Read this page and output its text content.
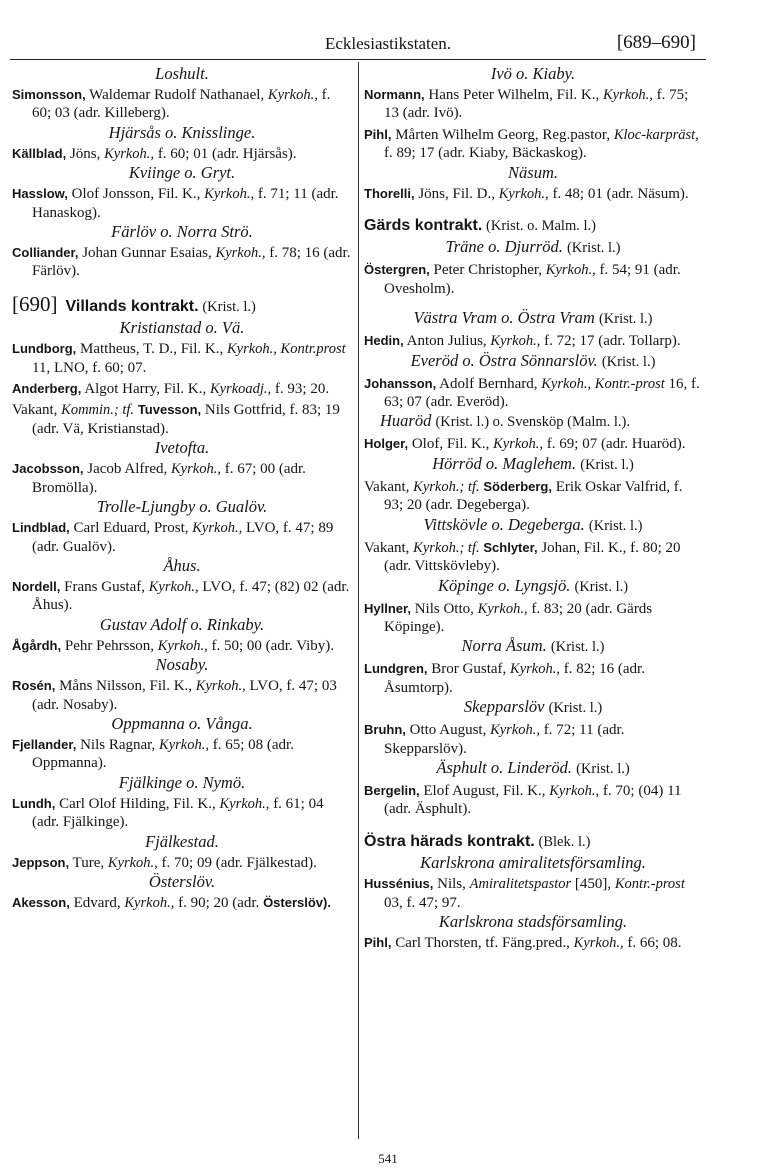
Ecklesiastikstaten.	[689–690]

Loshult.

Simonsson, Waldemar Rudolf Nathanael, Kyrkoh., f. 60; 03 (adr. Killeberg).

Hjärsås o. Knisslinge.

Källblad, Jöns, Kyrkoh., f. 60; 01 (adr. Hjärsås).

Kviinge o. Gryt.

Hasslow, Olof Jonsson, Fil. K., Kyrkoh., f. 71; 11 (adr. Hanaskog).

Färlöv o. Norra Strö.

Colliander, Johan Gunnar Esaias, Kyrkoh., f. 78; 16 (adr. Färlöv).

[690] Villands kontrakt. (Krist. l.)

Kristianstad o. Vä.

Lundborg, Mattheus, T. D., Fil. K., Kyrkoh., Kontr.prost 11, LNO, f. 60; 07.

Anderberg, Algot Harry, Fil. K., Kyrkoadj., f. 93; 20.

Vakant, Kommin.; tf. Tuvesson, Nils Gottfrid, f. 83; 19 (adr. Vä, Kristianstad).

Ivetofta.

Jacobsson, Jacob Alfred, Kyrkoh., f. 67; 00 (adr. Bromölla).

Trolle-Ljungby o. Gualöv.

Lindblad, Carl Eduard, Prost, Kyrkoh., LVO, f. 47; 89 (adr. Gualöv).

Åhus.

Nordell, Frans Gustaf, Kyrkoh., LVO, f. 47; (82) 02 (adr. Åhus).

Gustav Adolf o. Rinkaby.

Ågårdh, Pehr Pehrsson, Kyrkoh., f. 50; 00 (adr. Viby).

Nosaby.

Rosén, Måns Nilsson, Fil. K., Kyrkoh., LVO, f. 47; 03 (adr. Nosaby).

Oppmanna o. Vånga.

Fjellander, Nils Ragnar, Kyrkoh., f. 65; 08 (adr. Oppmanna).

Fjälkinge o. Nymö.

Lundh, Carl Olof Hilding, Fil. K., Kyrkoh., f. 61; 04 (adr. Fjälkinge).

Fjälkestad.

Jeppson, Ture, Kyrkoh., f. 70; 09 (adr. Fjälkestad).

Österslöv.

Akesson, Edvard, Kyrkoh., f. 90; 20 (adr. Österslöv).

Ivö o. Kiaby.

Normann, Hans Peter Wilhelm, Fil. K., Kyrkoh., f. 75; 13 (adr. Ivö).

Pihl, Mårten Wilhelm Georg, Reg.pastor, Kloc-karpräst, f. 89; 17 (adr. Kiaby, Bäckaskog).

Näsum.

Thorelli, Jöns, Fil. D., Kyrkoh., f. 48; 01 (adr. Näsum).

Gärds kontrakt. (Krist. o. Malm. l.)

Träne o. Djurröd. (Krist. l.)

Östergren, Peter Christopher, Kyrkoh., f. 54; 91 (adr. Ovesholm).

Västra Vram o. Östra Vram (Krist. l.)

Hedin, Anton Julius, Kyrkoh., f. 72; 17 (adr. Tollarp).

Everöd o. Östra Sönnarslöv. (Krist. l.)

Johansson, Adolf Bernhard, Kyrkoh., Kontr.-prost 16, f. 63; 07 (adr. Everöd).

Huaröd (Krist. l.) o. Svensköp (Malm. l.).

Holger, Olof, Fil. K., Kyrkoh., f. 69; 07 (adr. Huaröd).

Hörröd o. Maglehem. (Krist. l.)

Vakant, Kyrkoh.; tf. Söderberg, Erik Oskar Valfrid, f. 93; 20 (adr. Degeberga).

Vittskövle o. Degeberga. (Krist. l.)

Vakant, Kyrkoh.; tf. Schlyter, Johan, Fil. K., f. 80; 20 (adr. Vittskövleby).

Köpinge o. Lyngsjö. (Krist. l.)

Hyllner, Nils Otto, Kyrkoh., f. 83; 20 (adr. Gärds Köpinge).

Norra Åsum. (Krist. l.)

Lundgren, Bror Gustaf, Kyrkoh., f. 82; 16 (adr. Åsumtorp).

Skepparslöv (Krist. l.)

Bruhn, Otto August, Kyrkoh., f. 72; 11 (adr. Skepparslöv).

Äsphult o. Linderöd. (Krist. l.)

Bergelin, Elof August, Fil. K., Kyrkoh., f. 70; (04) 11 (adr. Äsphult).

Östra härads kontrakt. (Blek. l.)

Karlskrona amiralitetsförsamling.

Hussénius, Nils, Amiralitetspastor [450], Kontr.-prost 03, f. 47; 97.

Karlskrona stadsförsamling.

Pihl, Carl Thorsten, tf. Fäng.pred., Kyrkoh., f. 66; 08.

541
